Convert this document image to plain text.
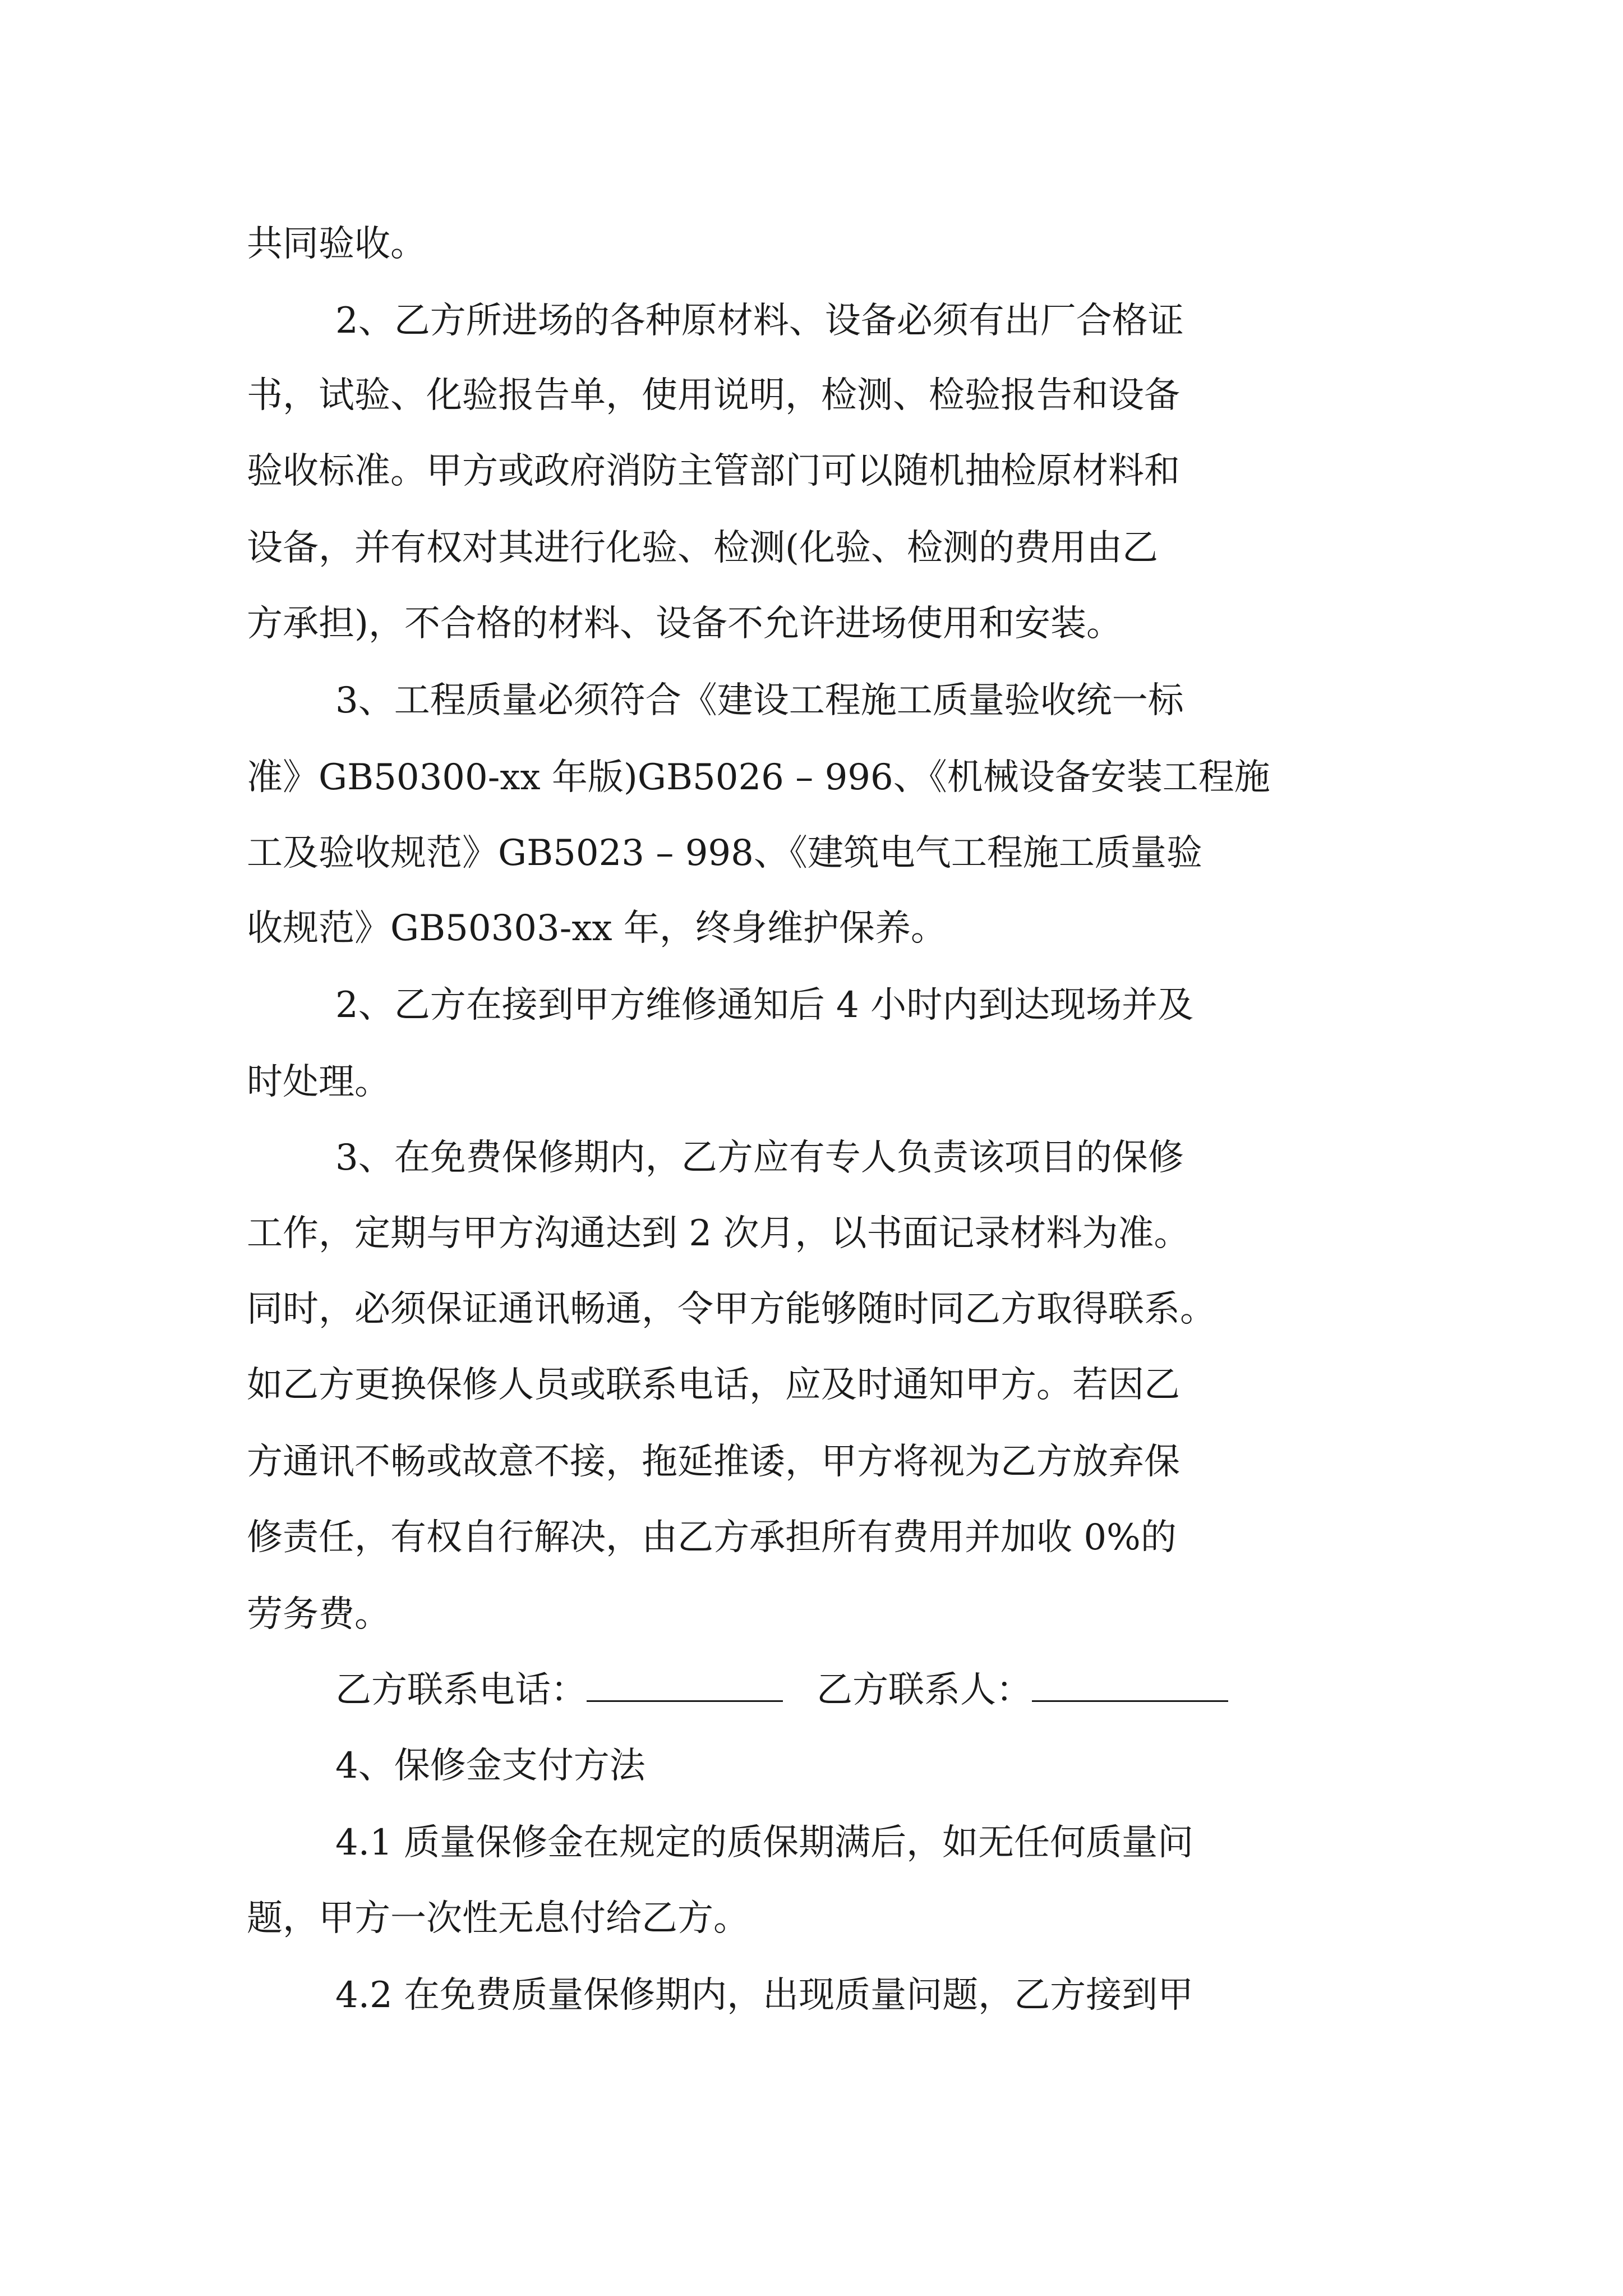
共同验收。
2、乙方所进场的各种原材料、设备必须有出厂合格证
书，试验、化验报告单，使用说明，检测、检验报告和设备
验收标准。甲方或政府消防主管部门可以随机抽检原材料和
设备，并有权对其进行化验、检测(化验、检测的费用由乙
方承担)，不合格的材料、设备不允许进场使用和安装。
3、工程质量必须符合《建设工程施工质量验收统一标
准》GB50300-xx 年版)GB5026 – 996、《机械设备安装工程施
工及验收规范》GB5023 – 998、《建筑电气工程施工质量验
收规范》GB50303-xx 年，终身维护保养。
2、乙方在接到甲方维修通知后 4 小时内到达现场并及
时处理。
3、在免费保修期内，乙方应有专人负责该项目的保修
工作，定期与甲方沟通达到 2 次月，以书面记录材料为准。
同时，必须保证通讯畅通，令甲方能够随时同乙方取得联系。
如乙方更换保修人员或联系电话，应及时通知甲方。若因乙
方通讯不畅或故意不接，拖延推诿，甲方将视为乙方放弃保
修责任，有权自行解决，由乙方承担所有费用并加收 0%的
劳务费。
乙方联系电话：	乙方联系人：
4、保修金支付方法
4.1 质量保修金在规定的质保期满后，如无任何质量问
题，甲方一次性无息付给乙方。
4.2 在免费质量保修期内，出现质量问题，乙方接到甲
